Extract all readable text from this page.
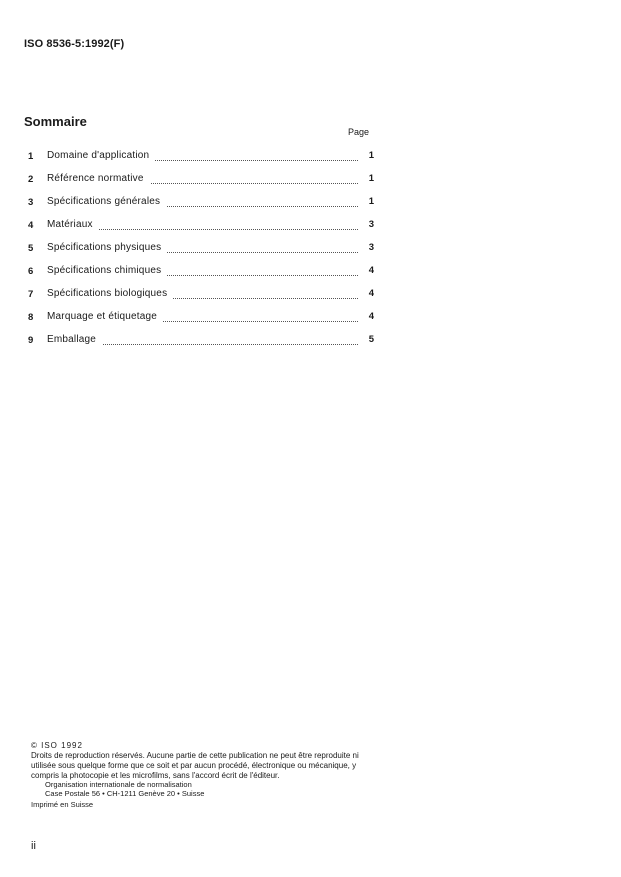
ISO 8536-5:1992(F)
Sommaire
Page
1	Domaine d'application	1
2	Référence normative	1
3	Spécifications générales	1
4	Matériaux	3
5	Spécifications physiques	3
6	Spécifications chimiques	4
7	Spécifications biologiques	4
8	Marquage et étiquetage	4
9	Emballage	5
© ISO 1992
Droits de reproduction réservés. Aucune partie de cette publication ne peut être reproduite ni utilisée sous quelque forme que ce soit et par aucun procédé, électronique ou mécanique, y compris la photocopie et les microfilms, sans l'accord écrit de l'éditeur.
Organisation internationale de normalisation
Case Postale 56 • CH-1211 Genève 20 • Suisse
Imprimé en Suisse
ii
